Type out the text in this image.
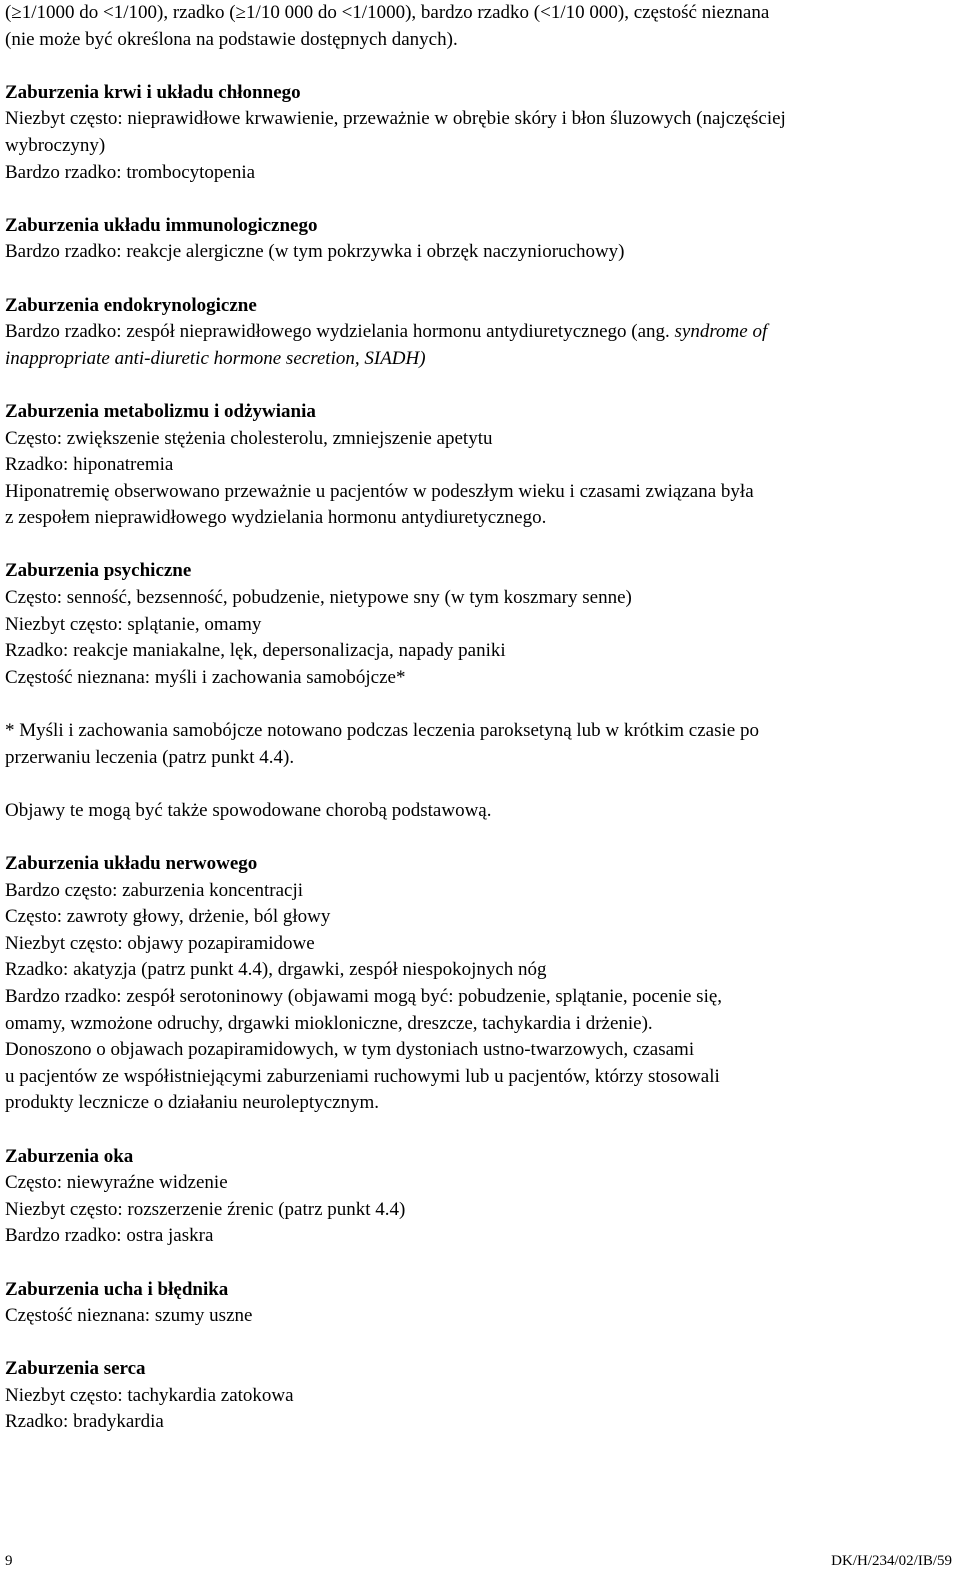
(≥1/1000 do <1/100), rzadko (≥1/10 000 do <1/1000), bardzo rzadko (<1/10 000), częstość nieznana
(nie może być określona na podstawie dostępnych danych).
Zaburzenia krwi i układu chłonnego
Niezbyt często: nieprawidłowe krwawienie, przeważnie w obrębie skóry i błon śluzowych (najczęściej
wybroczyny)
Bardzo rzadko: trombocytopenia
Zaburzenia układu immunologicznego
Bardzo rzadko: reakcje alergiczne (w tym pokrzywka i obrzęk naczynioruchowy)
Zaburzenia endokrynologiczne
Bardzo rzadko: zespół nieprawidłowego wydzielania hormonu antydiuretycznego (ang. syndrome of
inappropriate anti-diuretic hormone secretion, SIADH)
Zaburzenia metabolizmu i odżywiania
Często: zwiększenie stężenia cholesterolu, zmniejszenie apetytu
Rzadko: hiponatremia
Hiponatremię obserwowano przeważnie u pacjentów w podeszłym wieku i czasami związana była
z zespołem nieprawidłowego wydzielania hormonu antydiuretycznego.
Zaburzenia psychiczne
Często: senność, bezsenność, pobudzenie, nietypowe sny (w tym koszmary senne)
Niezbyt często: splątanie, omamy
Rzadko: reakcje maniakalne, lęk, depersonalizacja, napady paniki
Częstość nieznana: myśli i zachowania samobójcze*
* Myśli i zachowania samobójcze notowano podczas leczenia paroksetyną lub w krótkim czasie po
przerwaniu leczenia (patrz punkt 4.4).
Objawy te mogą być także spowodowane chorobą podstawową.
Zaburzenia układu nerwowego
Bardzo często: zaburzenia koncentracji
Często: zawroty głowy, drżenie, ból głowy
Niezbyt często: objawy pozapiramidowe
Rzadko: akatyzja (patrz punkt 4.4), drgawki, zespół niespokojnych nóg
Bardzo rzadko: zespół serotoninowy (objawami mogą być: pobudzenie, splątanie, pocenie się,
omamy, wzmożone odruchy, drgawki miokloniczne, dreszcze, tachykardia i drżenie).
Donoszono o objawach pozapiramidowych, w tym dystoniach ustno-twarzowych, czasami
u pacjentów ze współistniejącymi zaburzeniami ruchowymi lub u pacjentów, którzy stosowali
produkty lecznicze o działaniu neuroleptycznym.
Zaburzenia oka
Często: niewyraźne widzenie
Niezbyt często: rozszerzenie źrenic (patrz punkt 4.4)
Bardzo rzadko: ostra jaskra
Zaburzenia ucha i błędnika
Częstość nieznana: szumy uszne
Zaburzenia serca
Niezbyt często: tachykardia zatokowa
Rzadko: bradykardia
9	DK/H/234/02/IB/59
